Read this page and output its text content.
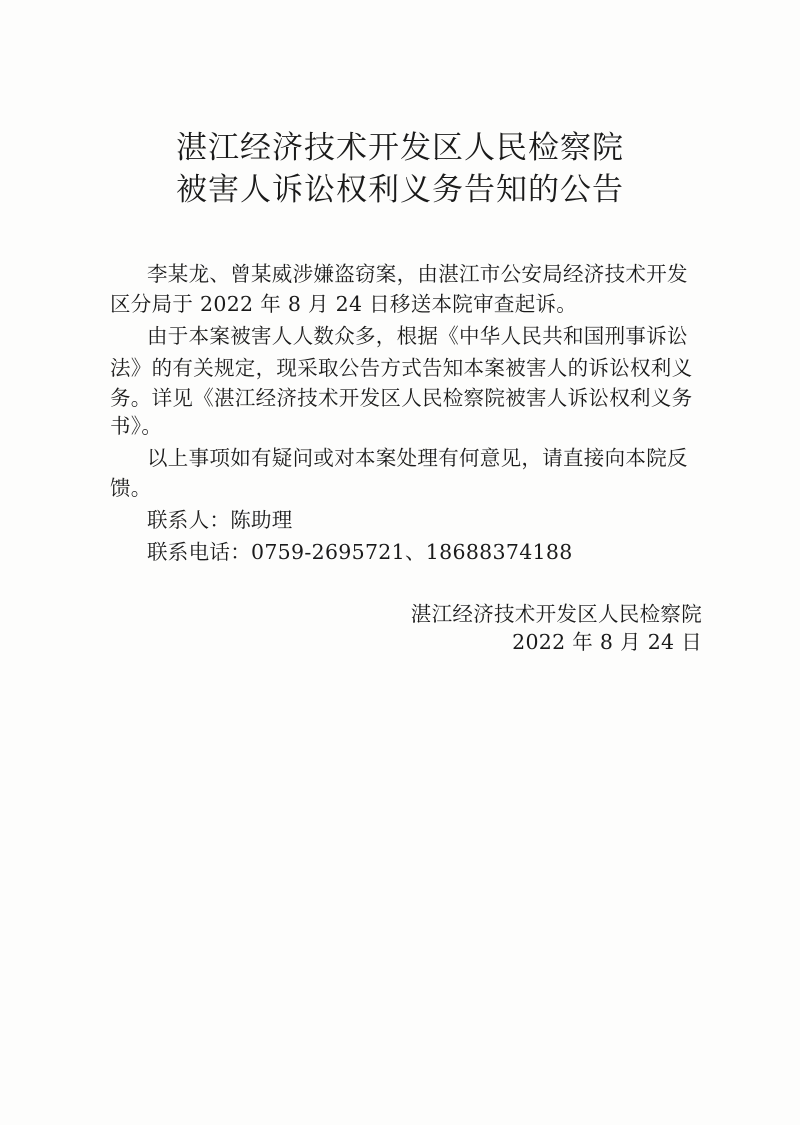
湛江经济技术开发区人民检察院
被害人诉讼权利义务告知的公告
李某龙、曾某威涉嫌盗窃案，由湛江市公安局经济技术开发
区分局于 2022 年 8 月 24 日移送本院审查起诉。
由于本案被害人人数众多，根据《中华人民共和国刑事诉讼
法》的有关规定，现采取公告方式告知本案被害人的诉讼权利义
务。详见《湛江经济技术开发区人民检察院被害人诉讼权利义务
书》。
以上事项如有疑问或对本案处理有何意见，请直接向本院反
馈。
联系人：陈助理
联系电话：0759-2695721、18688374188
湛江经济技术开发区人民检察院
2022 年 8 月 24 日
